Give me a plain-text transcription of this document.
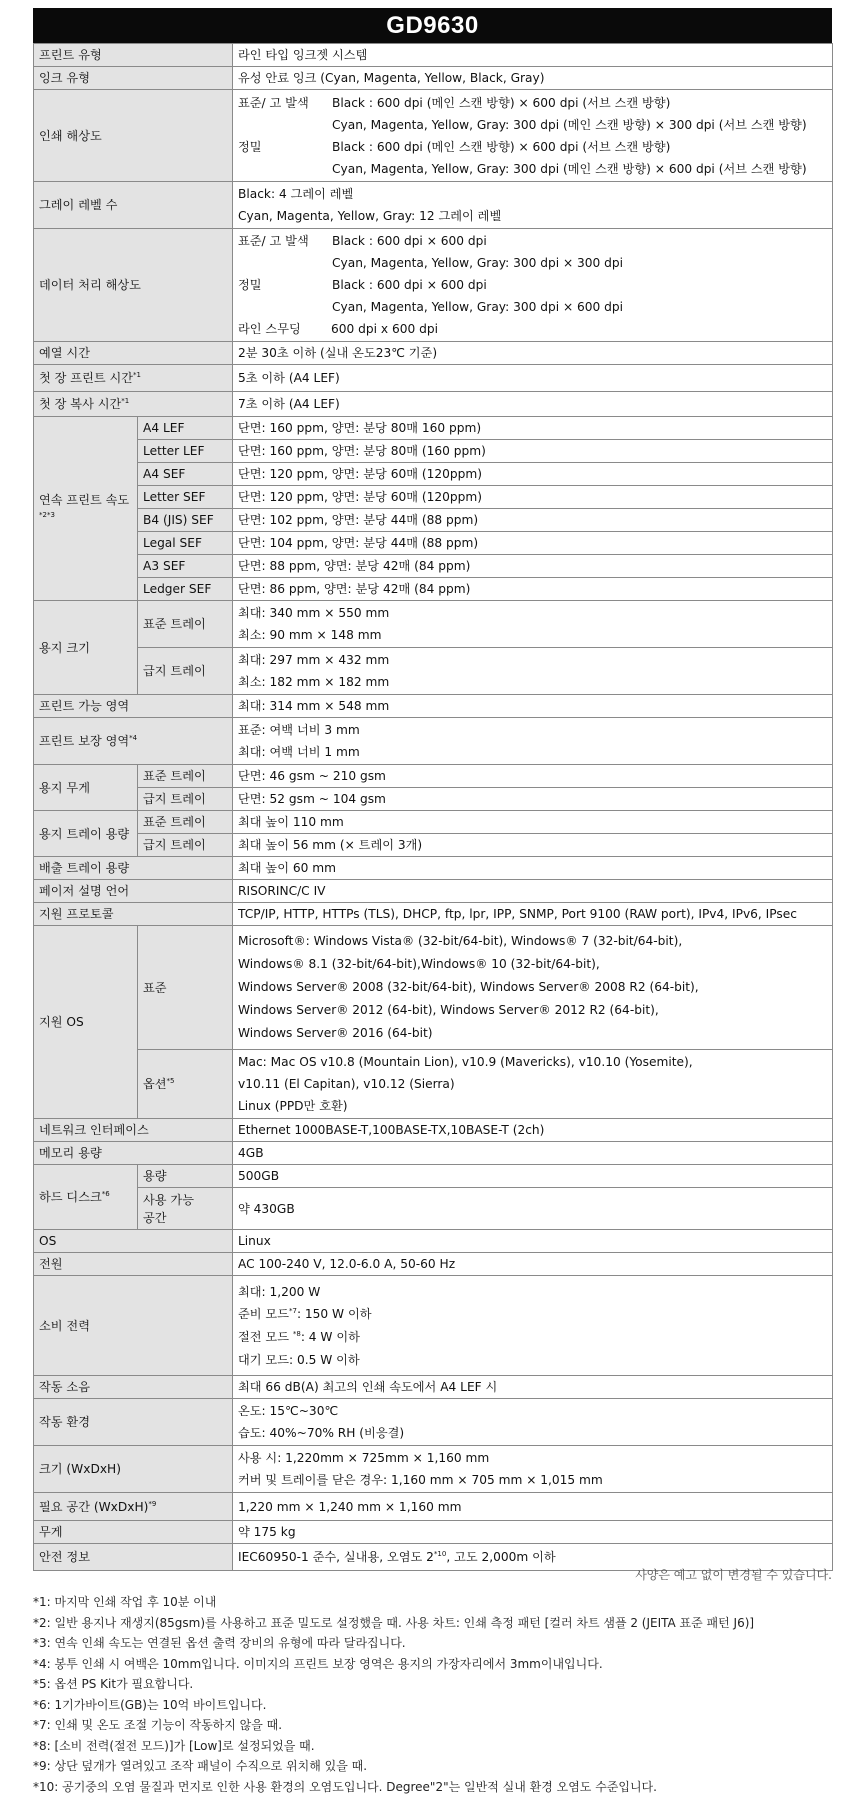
GD9630
프린트 유형		라인 타입 잉크젯 시스템
잉크 유형		유성 안료 잉크 (Cyan, Magenta, Yellow, Black, Gray)
인쇄 해상도		표준/ 고 발색 Black : 600 dpi (메인 스캔 방향) × 600 dpi (서브 스캔 방향)
Cyan, Magenta, Yellow, Gray: 300 dpi (메인 스캔 방향) × 300 dpi (서브 스캔 방향)
정밀 Black : 600 dpi (메인 스캔 방향) × 600 dpi (서브 스캔 방향)
Cyan, Magenta, Yellow, Gray: 300 dpi (메인 스캔 방향) × 600 dpi (서브 스캔 방향)

그레이 레벨 수		Black: 4 그레이 레벨
Cyan, Magenta, Yellow, Gray: 12 그레이 레벨

데이터 처리 해상도		표준/ 고 발색 Black : 600 dpi × 600 dpi
Cyan, Magenta, Yellow, Gray: 300 dpi × 300 dpi
정밀 Black : 600 dpi × 600 dpi
Cyan, Magenta, Yellow, Gray: 300 dpi × 600 dpi
라인 스무딩 600 dpi x 600 dpi

예열 시간		2분 30초 이하 (실내 온도23℃ 기준)
첫 장 프린트 시간$^{*1}$		5초 이하 (A4 LEF)
첫 장 복사 시간$^{*1}$		7초 이하 (A4 LEF)
연속 프린트 속도
$^{*2*3}$	A4 LEF	단면: 160 ppm, 양면: 분당 80매 160 ppm)
	Letter LEF	단면: 160 ppm, 양면: 분당 80매 (160 ppm)
	A4 SEF	단면: 120 ppm, 양면: 분당 60매 (120ppm)
	Letter SEF	단면: 120 ppm, 양면: 분당 60매 (120ppm)
	B4 (JIS) SEF	단면: 102 ppm, 양면: 분당 44매 (88 ppm)
	Legal SEF	단면: 104 ppm, 양면: 분당 44매 (88 ppm)
	A3 SEF	단면: 88 ppm, 양면: 분당 42매 (84 ppm)
	Ledger SEF	단면: 86 ppm, 양면: 분당 42매 (84 ppm)
용지 크기	표준 트레이	최대: 340 mm × 550 mm
최소: 90 mm × 148 mm

	급지 트레이	최대: 297 mm × 432 mm
최소: 182 mm × 182 mm

프린트 가능 영역		최대: 314 mm × 548 mm
프린트 보장 영역$^{*4}$		표준: 여백 너비 3 mm
최대: 여백 너비 1 mm

용지 무게	표준 트레이	단면: 46 gsm ~ 210 gsm
	급지 트레이	단면: 52 gsm ~ 104 gsm
용지 트레이 용량	표준 트레이	최대 높이 110 mm
	급지 트레이	최대 높이 56 mm (× 트레이 3개)
배출 트레이 용량		최대 높이 60 mm
페이저 설명 언어		RISORINC/C IV
지원 프로토콜		TCP/IP, HTTP, HTTPs (TLS), DHCP, ftp, lpr, IPP, SNMP, Port 9100 (RAW port), IPv4, IPv6, IPsec
지원 OS	표준	Microsoft®: Windows Vista® (32-bit/64-bit), Windows® 7 (32-bit/64-bit),
Windows® 8.1 (32-bit/64-bit),Windows® 10 (32-bit/64-bit),
Windows Server® 2008 (32-bit/64-bit), Windows Server® 2008 R2 (64-bit),
Windows Server® 2012 (64-bit), Windows Server® 2012 R2 (64-bit),
Windows Server® 2016 (64-bit)

	옵션$^{*5}$	Mac: Mac OS v10.8 (Mountain Lion), v10.9 (Mavericks), v10.10 (Yosemite),
v10.11 (El Capitan), v10.12 (Sierra)
Linux (PPD만 호환)

네트워크 인터페이스		Ethernet 1000BASE-T,100BASE-TX,10BASE-T (2ch)
메모리 용량		4GB
하드 디스크$^{*6}$	용량	500GB
	사용 가능
공간	약 430GB
OS		Linux
전원		AC 100-240 V, 12.0-6.0 A, 50-60 Hz
소비 전력		최대: 1,200 W
준비 모드$^{*7}$: 150 W 이하
절전 모드 $^{*8}$: 4 W 이하
대기 모드: 0.5 W 이하

작동 소음		최대 66 dB(A) 최고의 인쇄 속도에서 A4 LEF 시
작동 환경		온도: 15℃~30℃
습도: 40%~70% RH (비응결)

크기 (WxDxH)		사용 시: 1,220mm × 725mm × 1,160 mm
커버 및 트레이를 닫은 경우: 1,160 mm × 705 mm × 1,015 mm

필요 공간 (WxDxH)$^{*9}$		1,220 mm × 1,240 mm × 1,160 mm
무게		약 175 kg
안전 정보		IEC60950-1 준수, 실내용, 오염도 2$^{*10}$, 고도 2,000m 이하
사양은 예고 없이 변경될 수 있습니다.
*1: 마지막 인쇄 작업 후 10분 이내
*2: 일반 용지나 재생지(85gsm)를 사용하고 표준 밀도로 설정했을 때. 사용 차트: 인쇄 측정 패턴 [컬러 차트 샘플 2 (JEITA 표준 패턴 J6)]
*3: 연속 인쇄 속도는 연결된 옵션 출력 장비의 유형에 따라 달라집니다.
*4: 봉투 인쇄 시 여백은 10mm입니다. 이미지의 프린트 보장 영역은 용지의 가장자리에서 3mm이내입니다.
*5: 옵션 PS Kit가 필요합니다.
*6: 1기가바이트(GB)는 10억 바이트입니다.
*7: 인쇄 및 온도 조절 기능이 작동하지 않을 때.
*8: [소비 전력(절전 모드)]가 [Low]로 설정되었을 때.
*9: 상단 덮개가 열려있고 조작 패널이 수직으로 위치해 있을 때.
*10: 공기중의 오염 물질과 먼지로 인한 사용 환경의 오염도입니다. Degree"2"는 일반적 실내 환경 오염도 수준입니다.
